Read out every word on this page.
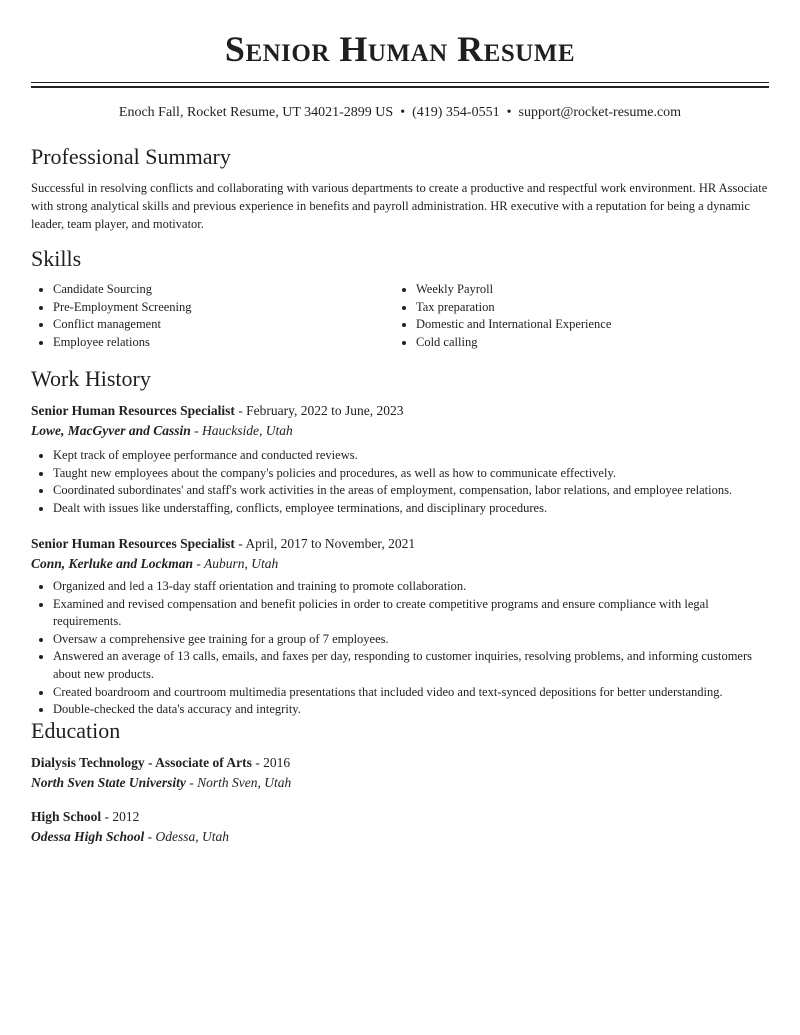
Senior Human Resume
Enoch Fall, Rocket Resume, UT 34021-2899 US • (419) 354-0551 • support@rocket-resume.com
Professional Summary

Successful in resolving conflicts and collaborating with various departments to create a productive and respectful work environment. HR Associate with strong analytical skills and previous experience in benefits and payroll administration. HR executive with a reputation for being a dynamic leader, team player, and motivator.

Skills
• Candidate Sourcing
• Pre-Employment Screening
• Conflict management
• Employee relations
• Weekly Payroll
• Tax preparation
• Domestic and International Experience
• Cold calling
Work History
Senior Human Resources Specialist - February, 2022 to June, 2023
Lowe, MacGyver and Cassin - Hauckside, Utah
• Kept track of employee performance and conducted reviews.
• Taught new employees about the company's policies and procedures, as well as how to communicate effectively.
• Coordinated subordinates' and staff's work activities in the areas of employment, compensation, labor relations, and employee relations.
• Dealt with issues like understaffing, conflicts, employee terminations, and disciplinary procedures.
Senior Human Resources Specialist - April, 2017 to November, 2021
Conn, Kerluke and Lockman - Auburn, Utah
• Organized and led a 13-day staff orientation and training to promote collaboration.
• Examined and revised compensation and benefit policies in order to create competitive programs and ensure compliance with legal requirements.
• Oversaw a comprehensive gee training for a group of 7 employees.
• Answered an average of 13 calls, emails, and faxes per day, responding to customer inquiries, resolving problems, and informing customers about new products.
• Created boardroom and courtroom multimedia presentations that included video and text-synced depositions for better understanding.
• Double-checked the data's accuracy and integrity.
Education
Dialysis Technology - Associate of Arts - 2016
North Sven State University - North Sven, Utah
High School - 2012
Odessa High School - Odessa, Utah
